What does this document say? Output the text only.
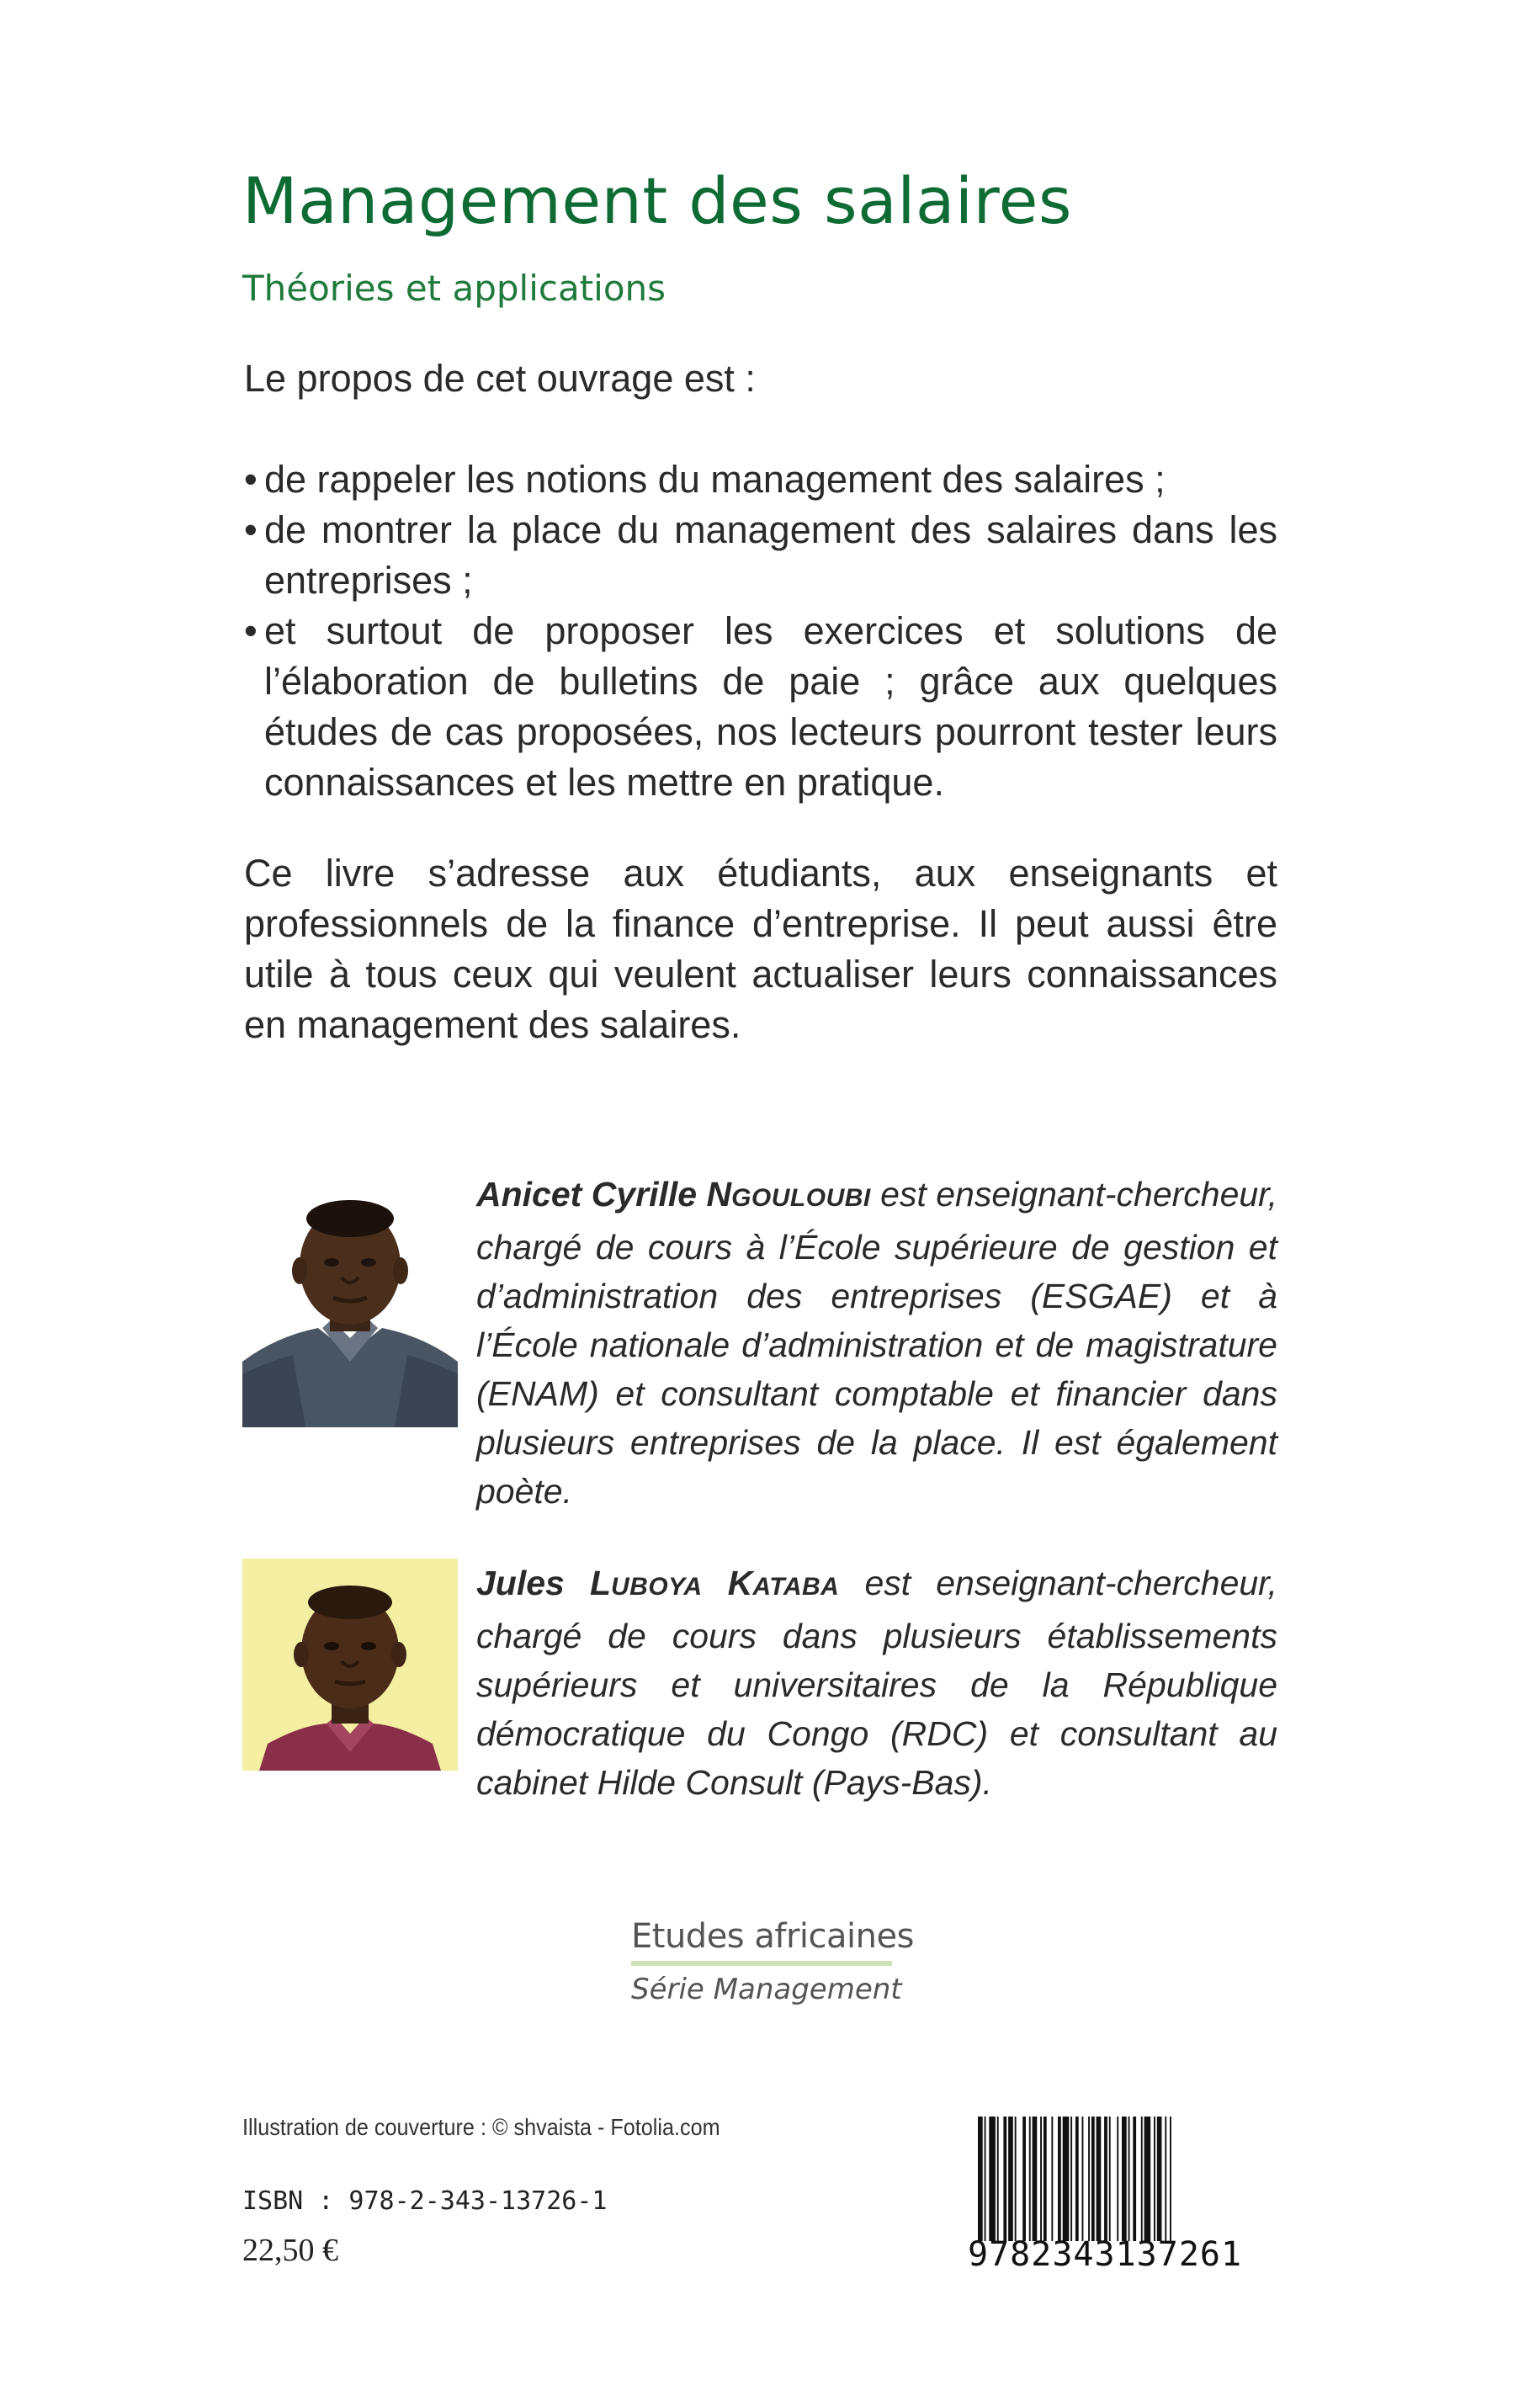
Management des salaires
Théories et applications
Le propos de cet ouvrage est :
• de rappeler les notions du management des salaires ;
• de montrer la place du management des salaires dans les entreprises ;
• et surtout de proposer les exercices et solutions de l’élaboration de bulletins de paie ; grâce aux quelques études de cas proposées, nos lecteurs pourront tester leurs connaissances et les mettre en pratique.
Ce livre s’adresse aux étudiants, aux enseignants et professionnels de la finance d’entreprise. Il peut aussi être utile à tous ceux qui veulent actualiser leurs connaissances en management des salaires.
Anicet Cyrille NGOULOUBI est enseignant-chercheur, chargé de cours à l’École supérieure de gestion et d’administration des entreprises (ESGAE) et à l’École nationale d’administration et de magistrature (ENAM) et consultant comptable et financier dans plusieurs entreprises de la place. Il est également poète.
Jules LUBOYA KATABA est enseignant-chercheur, chargé de cours dans plusieurs établissements supérieurs et universitaires de la République démocratique du Congo (RDC) et consultant au cabinet Hilde Consult (Pays-Bas).
Etudes africaines
Série Management
Illustration de couverture : © shvaista - Fotolia.com
ISBN : 978-2-343-13726-1
22,50 €	9782343137261
